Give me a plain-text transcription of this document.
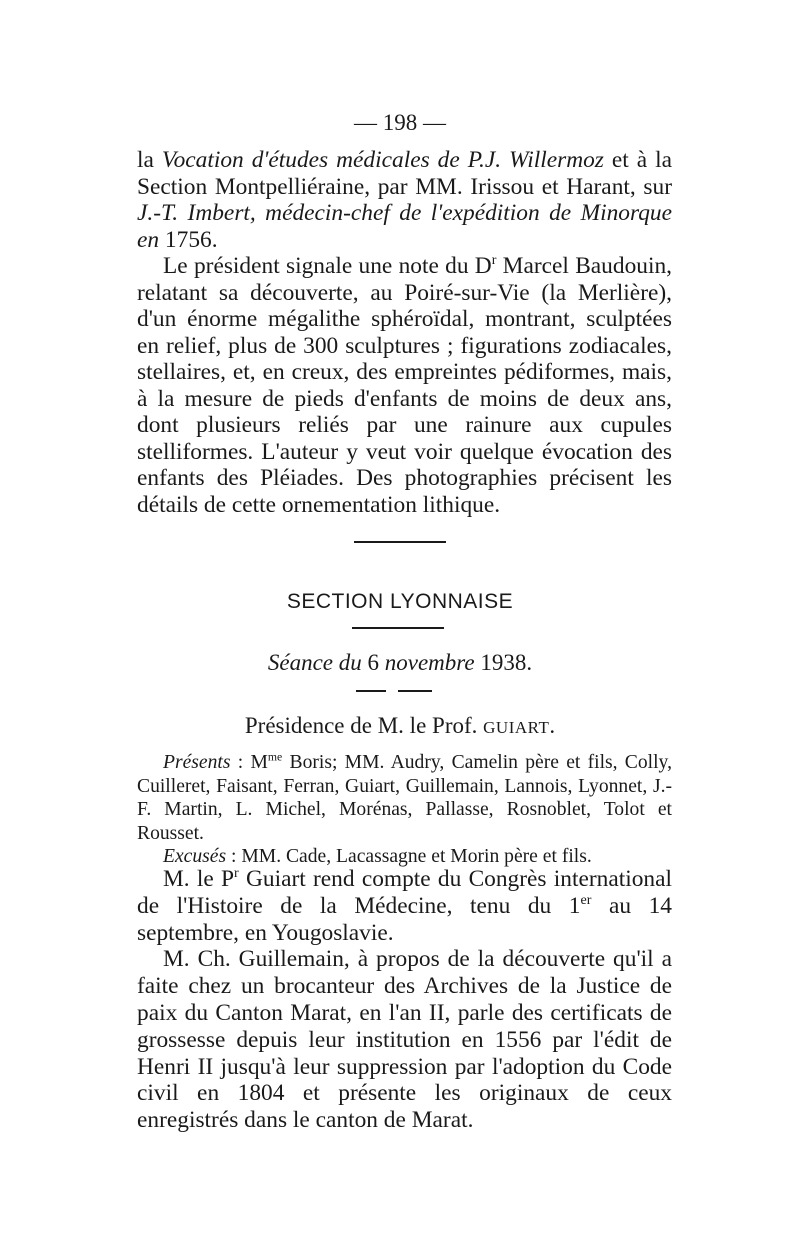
— 198 —

la Vocation d'études médicales de P.J. Willermoz et à la Section Montpelliéraine, par MM. Irissou et Harant, sur J.-T. Imbert, médecin-chef de l'expédition de Minorque en 1756.

Le président signale une note du $D^r$ Marcel Baudouin, relatant sa découverte, au Poiré-sur-Vie (la Merlière), d'un énorme mégalithe sphéroïdal, montrant, sculptées en relief, plus de 300 sculptures ; figurations zodiacales, stellaires, et, en creux, des empreintes pédiformes, mais, à la mesure de pieds d'enfants de moins de deux ans, dont plusieurs reliés par une rainure aux cupules stelliformes. L'auteur y veut voir quelque évocation des enfants des Pléiades. Des photographies précisent les détails de cette ornementation lithique.

SECTION LYONNAISE
Séance du 6 novembre 1938.
Présidence de M. le Prof. GUIART.

Présents : $M^{me}$ Boris; MM. Audry, Camelin père et fils, Colly, Cuilleret, Faisant, Ferran, Guiart, Guillemain, Lannois, Lyonnet, J.-F. Martin, L. Michel, Morénas, Pallasse, Rosnoblet, Tolot et Rousset.

Excusés : MM. Cade, Lacassagne et Morin père et fils.

M. le $P^r$ Guiart rend compte du Congrès international de l'Histoire de la Médecine, tenu du 1er au 14 septembre, en Yougoslavie.

M. Ch. Guillemain, à propos de la découverte qu'il a faite chez un brocanteur des Archives de la Justice de paix du Canton Marat, en l'an II, parle des certificats de grossesse depuis leur institution en 1556 par l'édit de Henri II jusqu'à leur suppression par l'adoption du Code civil en 1804 et présente les originaux de ceux enregistrés dans le canton de Marat.
